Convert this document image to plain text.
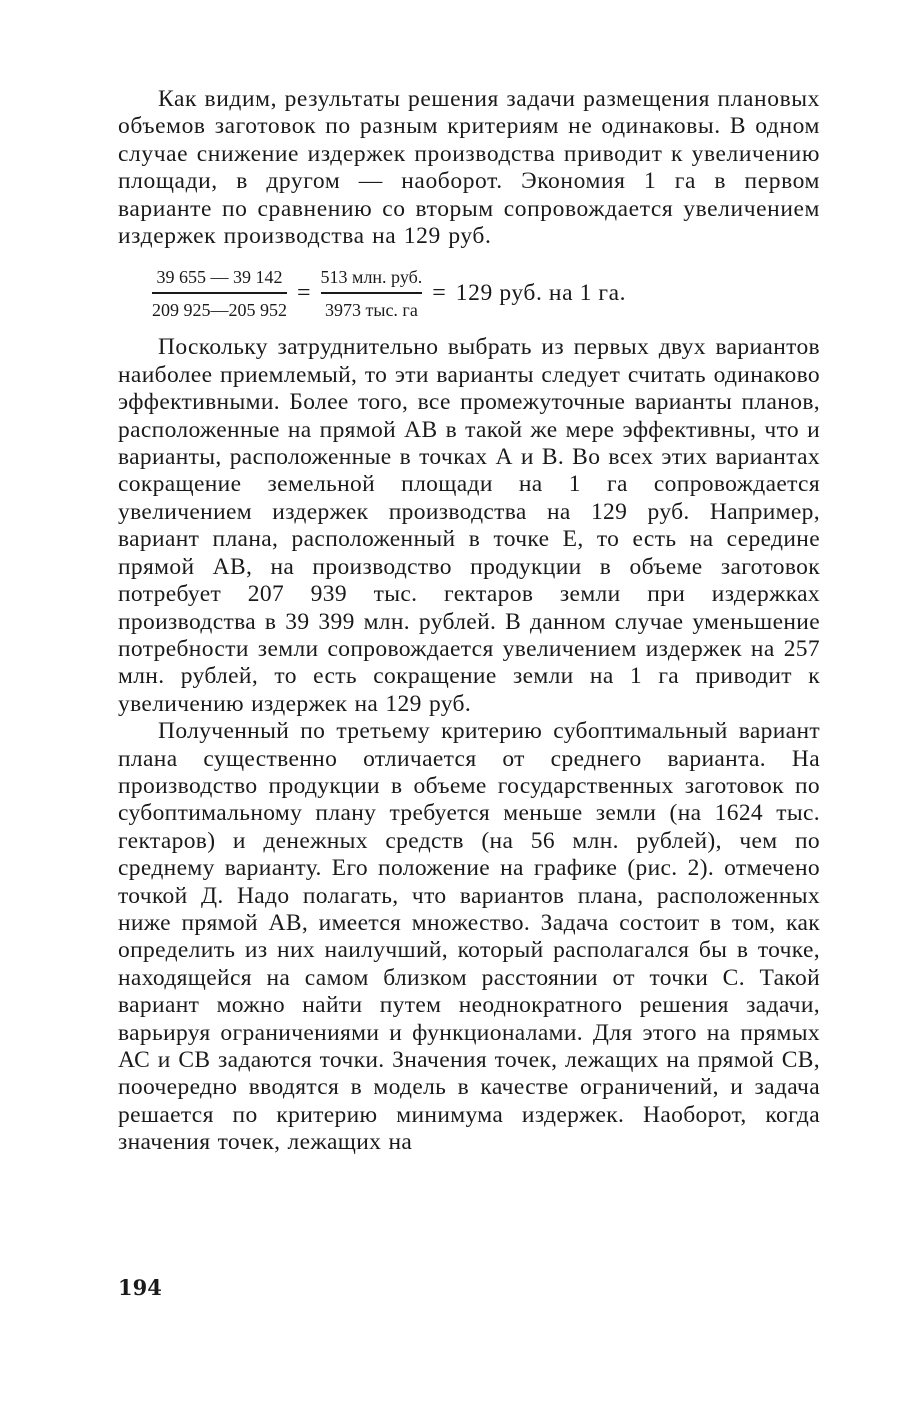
Как видим, результаты решения задачи размещения плановых объемов заготовок по разным критериям не одинаковы. В одном случае снижение издержек производства приводит к увеличению площади, в другом — наоборот. Экономия 1 га в первом варианте по сравнению со вторым сопровождается увеличением издержек производства на 129 руб.

$\frac{39 655 — 39 142}{209 925—205 952} = \frac{\text{513 млн. руб.}}{\text{3973 тыс. га}} = 129$ руб. на 1 га.

Поскольку затруднительно выбрать из первых двух вариантов наиболее приемлемый, то эти варианты следует считать одинаково эффективными. Более того, все промежуточные варианты планов, расположенные на прямой АВ в такой же мере эффективны, что и варианты, расположенные в точках А и В. Во всех этих вариантах сокращение земельной площади на 1 га сопровождается увеличением издержек производства на 129 руб. Например, вариант плана, расположенный в точке Е, то есть на середине прямой АВ, на производство продукции в объеме заготовок потребует 207 939 тыс. гектаров земли при издержках производства в 39 399 млн. рублей. В данном случае уменьшение потребности земли сопровождается увеличением издержек на 257 млн. рублей, то есть сокращение земли на 1 га приводит к увеличению издержек на 129 руб.

Полученный по третьему критерию субоптимальный вариант плана существенно отличается от среднего варианта. На производство продукции в объеме государственных заготовок по субоптимальному плану требуется меньше земли (на 1624 тыс. гектаров) и денежных средств (на 56 млн. рублей), чем по среднему варианту. Его положение на графике (рис. 2). отмечено точкой Д. Надо полагать, что вариантов плана, расположенных ниже прямой АВ, имеется множество. Задача состоит в том, как определить из них наилучший, который располагался бы в точке, находящейся на самом близком расстоянии от точки С. Такой вариант можно найти путем неоднократного решения задачи, варьируя ограничениями и функционалами. Для этого на прямых АС и СВ задаются точки. Значения точек, лежащих на прямой СВ, поочередно вводятся в модель в качестве ограничений, и задача решается по критерию минимума издержек. Наоборот, когда значения точек, лежащих на

194
